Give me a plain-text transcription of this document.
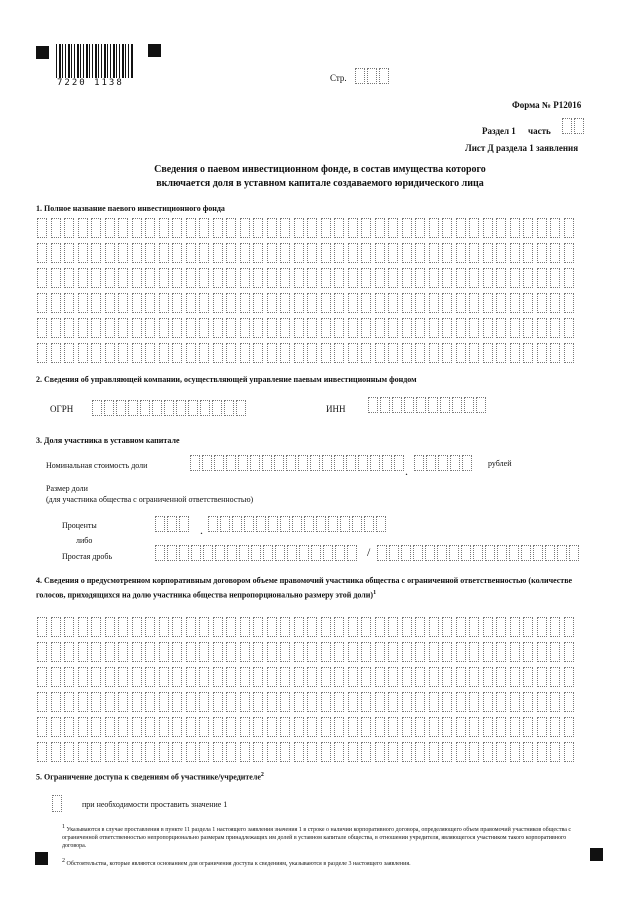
7220 1138	Стр.
Форма № Р12016
Раздел 1 часть
Лист Д раздела 1 заявления
Сведения о паевом инвестиционном фонде, в состав имущества которого
включается доля в уставном капитале создаваемого юридического лица
1. Полное название паевого инвестиционного фонда
2. Сведения об управляющей компании, осуществляющей управление паевым инвестиционным фондом
ОГРН	ИНН
3. Доля участника в уставном капитале
Номинальная стоимость доли	.
рублей
Размер доли
(для участника общества с ограниченной ответственностью)
Проценты	.
либо
Простая дробь	/
4. Сведения о предусмотренном корпоративным договором объеме правомочий участника общества с ограниченной ответственностью (количестве голосов, приходящихся на долю участника общества непропорционально размеру этой доли)$^1$
5. Ограничение доступа к сведениям об участнике/учредителе$^2$
при необходимости проставить значение 1
1 Указываются в случае проставления в пункте 11 раздела 1 настоящего заявления значения 1 в строке о наличии корпоративного договора, определяющего объем правомочий участников общества с ограниченной ответственностью непропорционально размерам принадлежащих им долей в уставном капитале общества, в отношении учредителя, являющегося участником такого корпоративного договора.
2 Обстоятельства, которые являются основанием для ограничения доступа к сведениям, указываются в разделе 3 настоящего заявления.
